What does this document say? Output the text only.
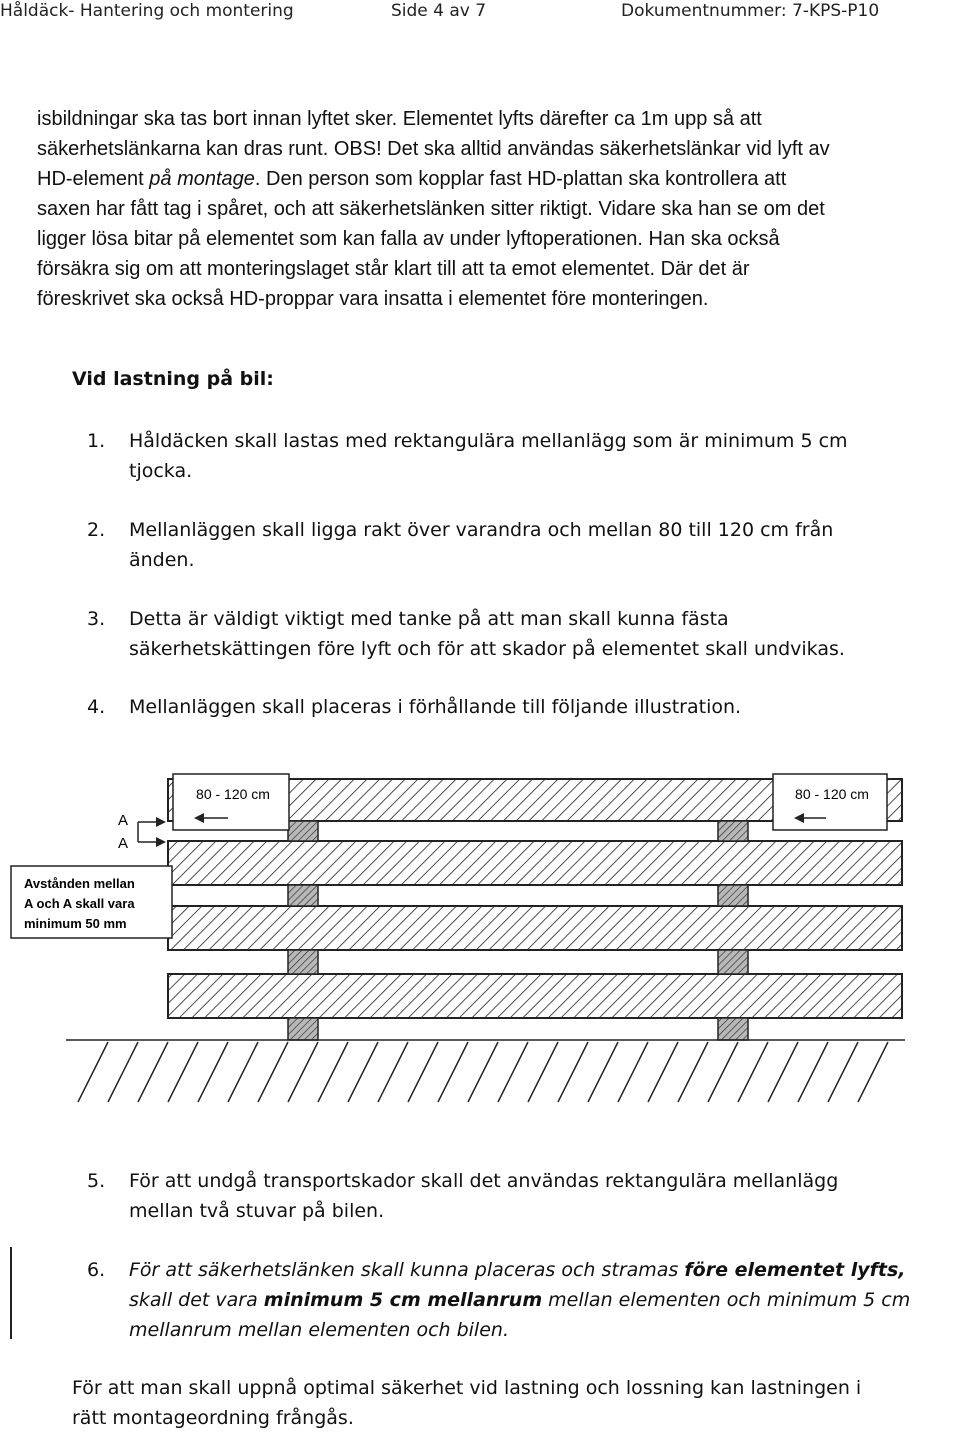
Håldäck- Hantering och montering	Side 4 av 7	Dokumentnummer: 7-KPS-P10

isbildningar ska tas bort innan lyftet sker. Elementet lyfts därefter ca 1m upp så att

säkerhetslänkarna kan dras runt. OBS! Det ska alltid användas säkerhetslänkar vid lyft av

HD-element på montage. Den person som kopplar fast HD-plattan ska kontrollera att

saxen har fått tag i spåret, och att säkerhetslänken sitter riktigt. Vidare ska han se om det

ligger lösa bitar på elementet som kan falla av under lyftoperationen. Han ska också

försäkra sig om att monteringslaget står klart till att ta emot elementet. Där det är

föreskrivet ska också HD-proppar vara insatta i elementet före monteringen.

Vid lastning på bil:
1. Håldäcken skall lastas med rektangulära mellanlägg som är minimum 5 cm
tjocka.
2. Mellanläggen skall ligga rakt över varandra och mellan 80 till 120 cm från
änden.
3. Detta är väldigt viktigt med tanke på att man skall kunna fästa
säkerhetskättingen före lyft och för att skador på elementet skall undvikas.
4. Mellanläggen skall placeras i förhållande till följande illustration.
80 - 120 cm	80 - 120 cm
A
A
Avstånden mellan
A och A skall vara
minimum 50 mm
5. För att undgå transportskador skall det användas rektangulära mellanlägg
mellan två stuvar på bilen.
6. För att säkerhetslänken skall kunna placeras och stramas före elementet lyfts,
skall det vara minimum 5 cm mellanrum mellan elementen och minimum 5 cm
mellanrum mellan elementen och bilen.
För att man skall uppnå optimal säkerhet vid lastning och lossning kan lastningen i
rätt montageordning frångås.
